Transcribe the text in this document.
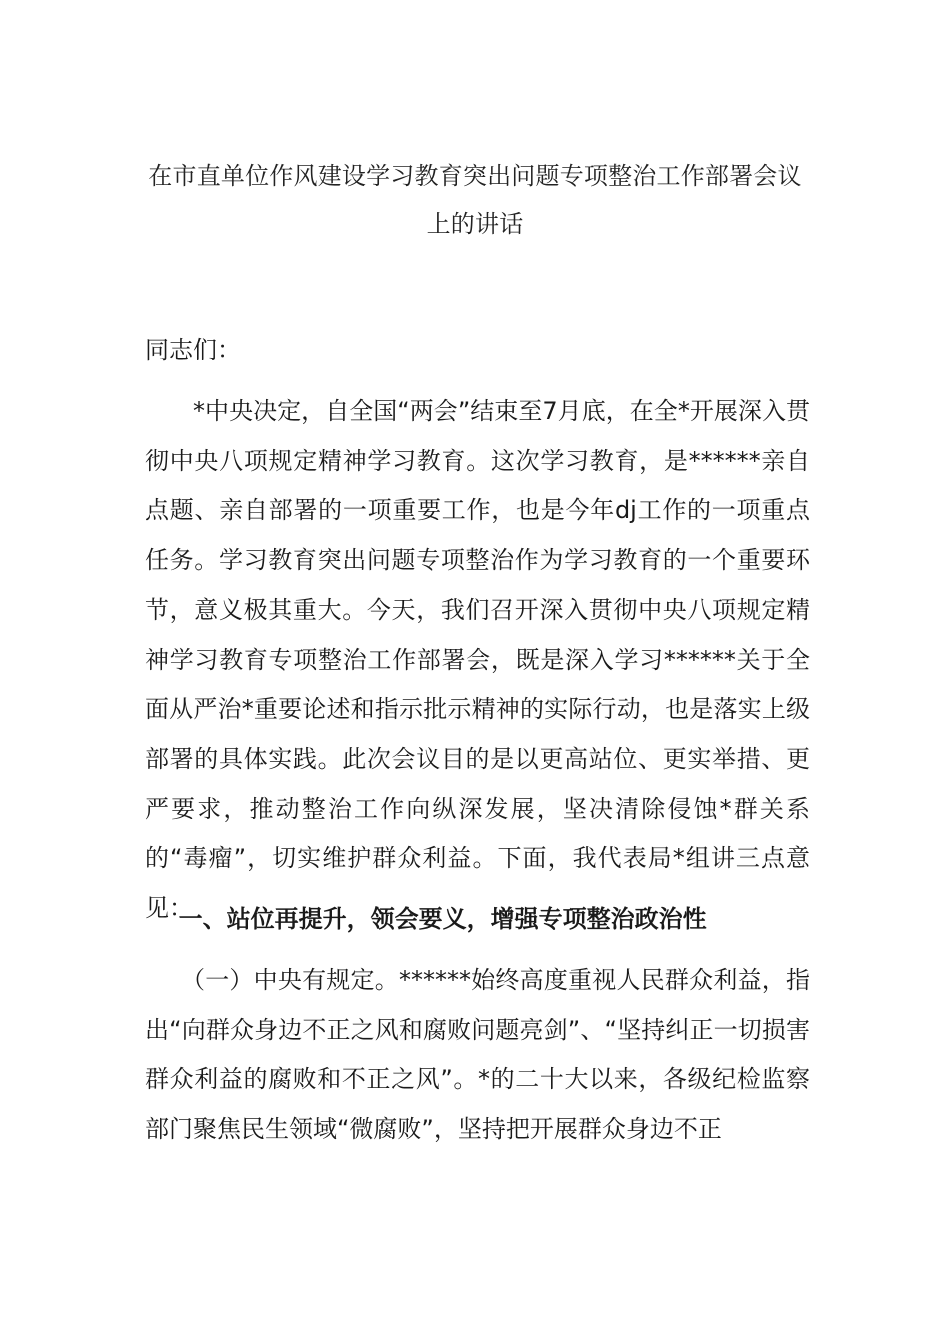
在市直单位作风建设学习教育突出问题专项整治工作部署会议上的讲话
同志们：
*中央决定，自全国“两会”结束至7月底，在全*开展深入贯彻中央八项规定精神学习教育。这次学习教育，是******亲自点题、亲自部署的一项重要工作，也是今年dj工作的一项重点任务。学习教育突出问题专项整治作为学习教育的一个重要环节，意义极其重大。今天，我们召开深入贯彻中央八项规定精神学习教育专项整治工作部署会，既是深入学习******关于全面从严治*重要论述和指示批示精神的实际行动，也是落实上级部署的具体实践。此次会议目的是以更高站位、更实举措、更严要求，推动整治工作向纵深发展，坚决清除侵蚀*群关系的“毒瘤”，切实维护群众利益。下面，我代表局*组讲三点意见：
一、站位再提升，领会要义，增强专项整治政治性
（一）中央有规定。******始终高度重视人民群众利益，指出“向群众身边不正之风和腐败问题亮剑”、“坚持纠正一切损害群众利益的腐败和不正之风”。*的二十大以来，各级纪检监察部门聚焦民生领域“微腐败”，坚持把开展群众身边不正
